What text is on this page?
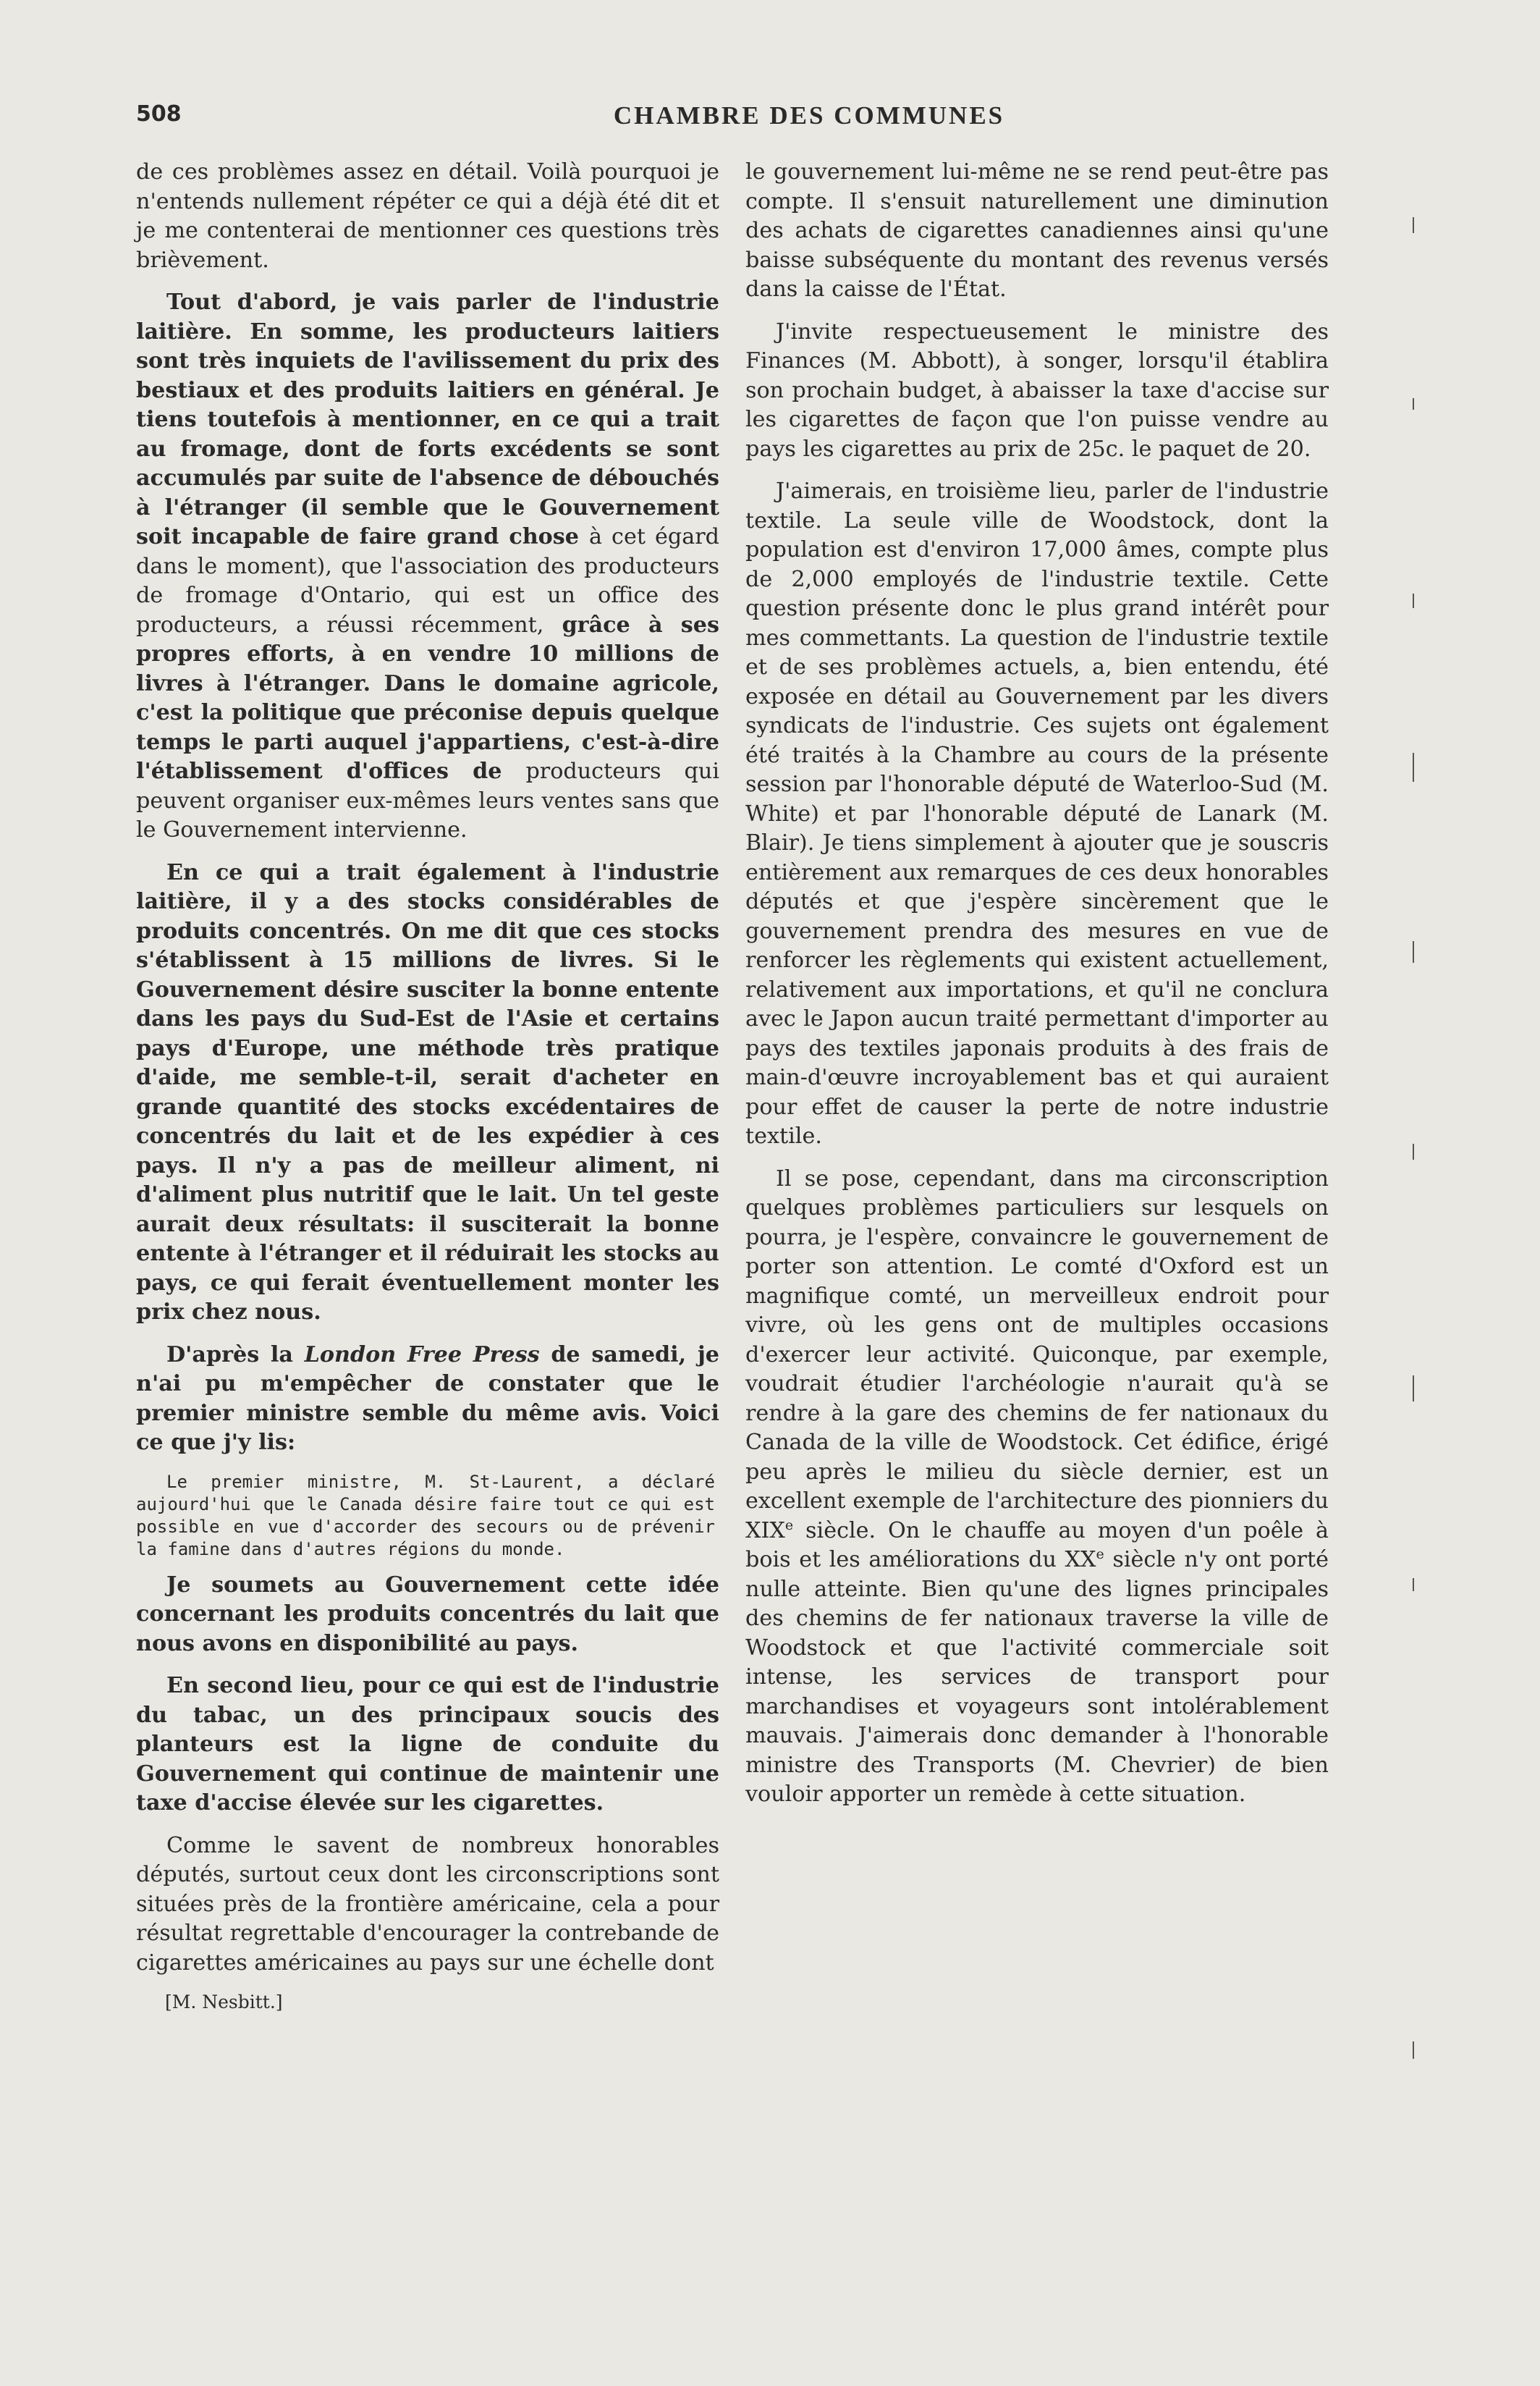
508	CHAMBRE DES COMMUNES

de ces problèmes assez en détail. Voilà pourquoi je n'entends nullement répéter ce qui a déjà été dit et je me contenterai de mentionner ces questions très brièvement.

Tout d'abord, je vais parler de l'industrie laitière. En somme, les producteurs laitiers sont très inquiets de l'avilissement du prix des bestiaux et des produits laitiers en général. Je tiens toutefois à mentionner, en ce qui a trait au fromage, dont de forts excédents se sont accumulés par suite de l'absence de débouchés à l'étranger (il semble que le Gouvernement soit incapable de faire grand chose à cet égard dans le moment), que l'association des producteurs de fromage d'Ontario, qui est un office des producteurs, a réussi récemment, grâce à ses propres efforts, à en vendre 10 millions de livres à l'étranger. Dans le domaine agricole, c'est la politique que préconise depuis quelque temps le parti auquel j'appartiens, c'est-à-dire l'établissement d'offices de producteurs qui peuvent organiser eux-mêmes leurs ventes sans que le Gouvernement intervienne.

En ce qui a trait également à l'industrie laitière, il y a des stocks considérables de produits concentrés. On me dit que ces stocks s'établissent à 15 millions de livres. Si le Gouvernement désire susciter la bonne entente dans les pays du Sud-Est de l'Asie et certains pays d'Europe, une méthode très pratique d'aide, me semble-t-il, serait d'acheter en grande quantité des stocks excédentaires de concentrés du lait et de les expédier à ces pays. Il n'y a pas de meilleur aliment, ni d'aliment plus nutritif que le lait. Un tel geste aurait deux résultats: il susciterait la bonne entente à l'étranger et il réduirait les stocks au pays, ce qui ferait éventuellement monter les prix chez nous.

D'après la London Free Press de samedi, je n'ai pu m'empêcher de constater que le premier ministre semble du même avis. Voici ce que j'y lis:

Le premier ministre, M. St-Laurent, a déclaré aujourd'hui que le Canada désire faire tout ce qui est possible en vue d'accorder des secours ou de prévenir la famine dans d'autres régions du monde.

Je soumets au Gouvernement cette idée concernant les produits concentrés du lait que nous avons en disponibilité au pays.

En second lieu, pour ce qui est de l'industrie du tabac, un des principaux soucis des planteurs est la ligne de conduite du Gouvernement qui continue de maintenir une taxe d'accise élevée sur les cigarettes.

Comme le savent de nombreux honorables députés, surtout ceux dont les circonscriptions sont situées près de la frontière américaine, cela a pour résultat regrettable d'encourager la contrebande de cigarettes américaines au pays sur une échelle dont

[M. Nesbitt.]

le gouvernement lui-même ne se rend peut-être pas compte. Il s'ensuit naturellement une diminution des achats de cigarettes canadiennes ainsi qu'une baisse subséquente du montant des revenus versés dans la caisse de l'État.

J'invite respectueusement le ministre des Finances (M. Abbott), à songer, lorsqu'il établira son prochain budget, à abaisser la taxe d'accise sur les cigarettes de façon que l'on puisse vendre au pays les cigarettes au prix de 25c. le paquet de 20.

J'aimerais, en troisième lieu, parler de l'industrie textile. La seule ville de Woodstock, dont la population est d'environ 17,000 âmes, compte plus de 2,000 employés de l'industrie textile. Cette question présente donc le plus grand intérêt pour mes commettants. La question de l'industrie textile et de ses problèmes actuels, a, bien entendu, été exposée en détail au Gouvernement par les divers syndicats de l'industrie. Ces sujets ont également été traités à la Chambre au cours de la présente session par l'honorable député de Waterloo-Sud (M. White) et par l'honorable député de Lanark (M. Blair). Je tiens simplement à ajouter que je souscris entièrement aux remarques de ces deux honorables députés et que j'espère sincèrement que le gouvernement prendra des mesures en vue de renforcer les règlements qui existent actuellement, relativement aux importations, et qu'il ne conclura avec le Japon aucun traité permettant d'importer au pays des textiles japonais produits à des frais de main-d'œuvre incroyablement bas et qui auraient pour effet de causer la perte de notre industrie textile.

Il se pose, cependant, dans ma circonscription quelques problèmes particuliers sur lesquels on pourra, je l'espère, convaincre le gouvernement de porter son attention. Le comté d'Oxford est un magnifique comté, un merveilleux endroit pour vivre, où les gens ont de multiples occasions d'exercer leur activité. Quiconque, par exemple, voudrait étudier l'archéologie n'aurait qu'à se rendre à la gare des chemins de fer nationaux du Canada de la ville de Woodstock. Cet édifice, érigé peu après le milieu du siècle dernier, est un excellent exemple de l'architecture des pionniers du XIXe siècle. On le chauffe au moyen d'un poêle à bois et les améliorations du XXe siècle n'y ont porté nulle atteinte. Bien qu'une des lignes principales des chemins de fer nationaux traverse la ville de Woodstock et que l'activité commerciale soit intense, les services de transport pour marchandises et voyageurs sont intolérablement mauvais. J'aimerais donc demander à l'honorable ministre des Transports (M. Chevrier) de bien vouloir apporter un remède à cette situation.
